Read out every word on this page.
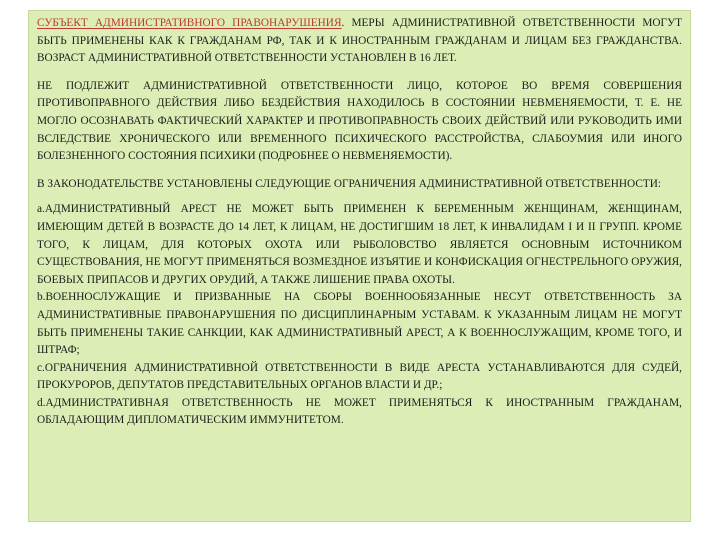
СУБЪЕКТ АДМИНИСТРАТИВНОГО ПРАВОНАРУШЕНИЯ. МЕРЫ АДМИНИСТРАТИВНОЙ ОТВЕТСТВЕННОСТИ МОГУТ БЫТЬ ПРИМЕНЕНЫ КАК К ГРАЖДАНАМ РФ, ТАК И К ИНОСТРАННЫМ ГРАЖДАНАМ И ЛИЦАМ БЕЗ ГРАЖДАНСТВА. ВОЗРАСТ АДМИНИСТРАТИВНОЙ ОТВЕТСТВЕННОСТИ УСТАНОВЛЕН В 16 ЛЕТ.

НЕ ПОДЛЕЖИТ АДМИНИСТРАТИВНОЙ ОТВЕТСТВЕННОСТИ ЛИЦО, КОТОРОЕ ВО ВРЕМЯ СОВЕРШЕНИЯ ПРОТИВОПРАВНОГО ДЕЙСТВИЯ ЛИБО БЕЗДЕЙСТВИЯ НАХОДИЛОСЬ В СОСТОЯНИИ НЕВМЕНЯЕМОСТИ, Т. Е. НЕ МОГЛО ОСОЗНАВАТЬ ФАКТИЧЕСКИЙ ХАРАКТЕР И ПРОТИВОПРАВНОСТЬ СВОИХ ДЕЙСТВИЙ ИЛИ РУКОВОДИТЬ ИМИ ВСЛЕДСТВИЕ ХРОНИЧЕСКОГО ИЛИ ВРЕМЕННОГО ПСИХИЧЕСКОГО РАССТРОЙСТВА, СЛАБОУМИЯ ИЛИ ИНОГО БОЛЕЗНЕННОГО СОСТОЯНИЯ ПСИХИКИ (ПОДРОБНЕЕ О НЕВМЕНЯЕМОСТИ).

В ЗАКОНОДАТЕЛЬСТВЕ УСТАНОВЛЕНЫ СЛЕДУЮЩИЕ ОГРАНИЧЕНИЯ АДМИНИСТРАТИВНОЙ ОТВЕТСТВЕННОСТИ:

a.АДМИНИСТРАТИВНЫЙ АРЕСТ НЕ МОЖЕТ БЫТЬ ПРИМЕНЕН К БЕРЕМЕННЫМ ЖЕНЩИНАМ, ЖЕНЩИНАМ, ИМЕЮЩИМ ДЕТЕЙ В ВОЗРАСТЕ ДО 14 ЛЕТ, К ЛИЦАМ, НЕ ДОСТИГШИМ 18 ЛЕТ, К ИНВАЛИДАМ I И II ГРУПП. КРОМЕ ТОГО, К ЛИЦАМ, ДЛЯ КОТОРЫХ ОХОТА ИЛИ РЫБОЛОВСТВО ЯВЛЯЕТСЯ ОСНОВНЫМ ИСТОЧНИКОМ СУЩЕСТВОВАНИЯ, НЕ МОГУТ ПРИМЕНЯТЬСЯ ВОЗМЕЗДНОЕ ИЗЪЯТИЕ И КОНФИСКАЦИЯ ОГНЕСТРЕЛЬНОГО ОРУЖИЯ, БОЕВЫХ ПРИПАСОВ И ДРУГИХ ОРУДИЙ, А ТАКЖЕ ЛИШЕНИЕ ПРАВА ОХОТЫ.

b.ВОЕННОСЛУЖАЩИЕ И ПРИЗВАННЫЕ НА СБОРЫ ВОЕННООБЯЗАННЫЕ НЕСУТ ОТВЕТСТВЕННОСТЬ ЗА АДМИНИСТРАТИВНЫЕ ПРАВОНАРУШЕНИЯ ПО ДИСЦИПЛИНАРНЫМ УСТАВАМ. К УКАЗАННЫМ ЛИЦАМ НЕ МОГУТ БЫТЬ ПРИМЕНЕНЫ ТАКИЕ САНКЦИИ, КАК АДМИНИСТРАТИВНЫЙ АРЕСТ, А К ВОЕННОСЛУЖАЩИМ, КРОМЕ ТОГО, И ШТРАФ;

c.ОГРАНИЧЕНИЯ АДМИНИСТРАТИВНОЙ ОТВЕТСТВЕННОСТИ В ВИДЕ АРЕСТА УСТАНАВЛИВАЮТСЯ ДЛЯ СУДЕЙ, ПРОКУРОРОВ, ДЕПУТАТОВ ПРЕДСТАВИТЕЛЬНЫХ ОРГАНОВ ВЛАСТИ И ДР.;

d.АДМИНИСТРАТИВНАЯ ОТВЕТСТВЕННОСТЬ НЕ МОЖЕТ ПРИМЕНЯТЬСЯ К ИНОСТРАННЫМ ГРАЖДАНАМ, ОБЛАДАЮЩИМ ДИПЛОМАТИЧЕСКИМ ИММУНИТЕТОМ.
